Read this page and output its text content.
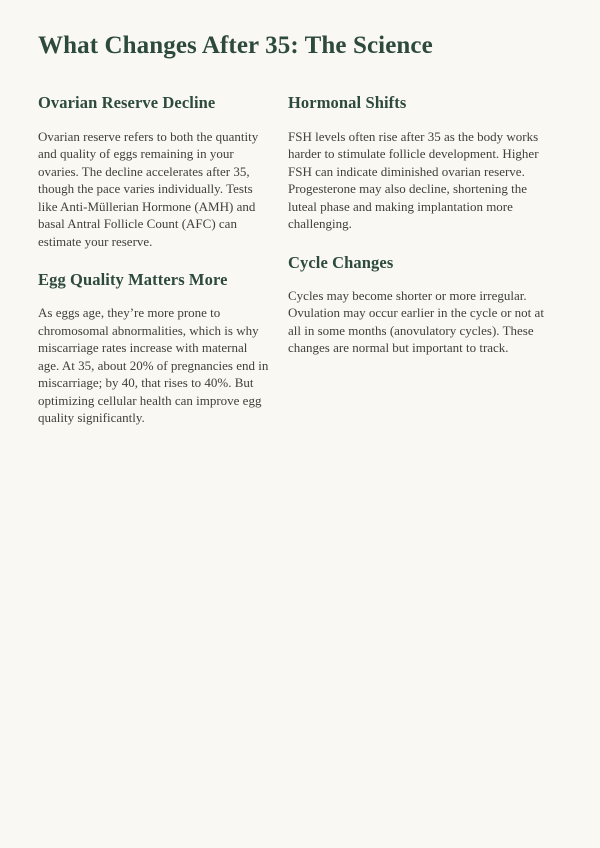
What Changes After 35: The Science
Ovarian Reserve Decline

Ovarian reserve refers to both the quantity and quality of eggs remaining in your ovaries. The decline accelerates after 35, though the pace varies individually. Tests like Anti-Müllerian Hormone (AMH) and basal Antral Follicle Count (AFC) can estimate your reserve.

Egg Quality Matters More

As eggs age, they’re more prone to chromosomal abnormalities, which is why miscarriage rates increase with maternal age. At 35, about 20% of pregnancies end in miscarriage; by 40, that rises to 40%. But optimizing cellular health can improve egg quality significantly.

Hormonal Shifts

FSH levels often rise after 35 as the body works harder to stimulate follicle development. Higher FSH can indicate diminished ovarian reserve. Progesterone may also decline, shortening the luteal phase and making implantation more challenging.

Cycle Changes

Cycles may become shorter or more irregular. Ovulation may occur earlier in the cycle or not at all in some months (anovulatory cycles). These changes are normal but important to track.
